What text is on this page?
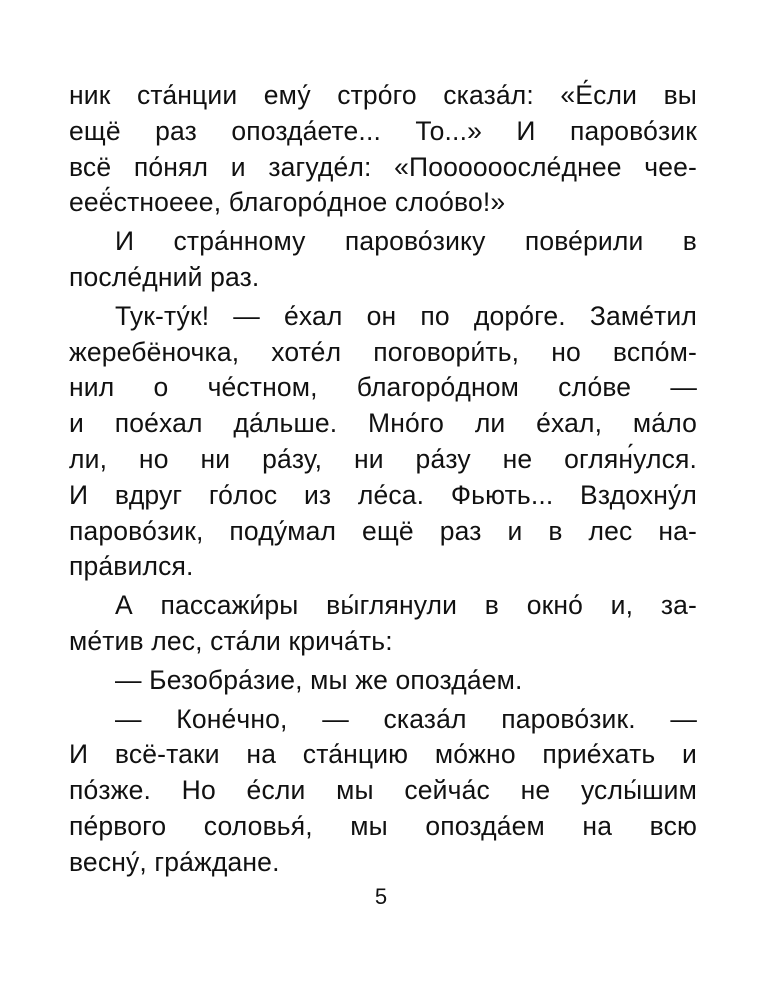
ник ста́нции ему́ стро́го сказа́л: «Е́сли вы
ещё раз опозда́ете... То...» И парово́зик
всё по́нял и загуде́л: «Поооооосле́днее чее-
ееё́стноеее, благоро́дное слоо́во!»
И стра́нному парово́зику пове́рили в
после́дний раз.
Тук-ту́к! — е́хал он по доро́ге. Заме́тил
жеребёночка, хоте́л поговори́ть, но вспо́м-
нил о че́стном, благоро́дном сло́ве —
и пое́хал да́льше. Мно́го ли е́хал, ма́ло
ли, но ни ра́зу, ни ра́зу не оглян́улся.
И вдруг го́лос из ле́са. Фьють... Вздохну́л
парово́зик, поду́мал ещё раз и в лес на-
пра́вился.
А пассажи́ры вы́глянули в окно́ и, за-
ме́тив лес, ста́ли крича́ть:
— Безобра́зие, мы же опозда́ем.
— Коне́чно, — сказа́л парово́зик. —
И всё-таки на ста́нцию мо́жно прие́хать и
по́зже. Но е́сли мы сейча́с не услы́шим
пе́рвого соловья́, мы опозда́ем на всю
весну́, гра́ждане.
5
